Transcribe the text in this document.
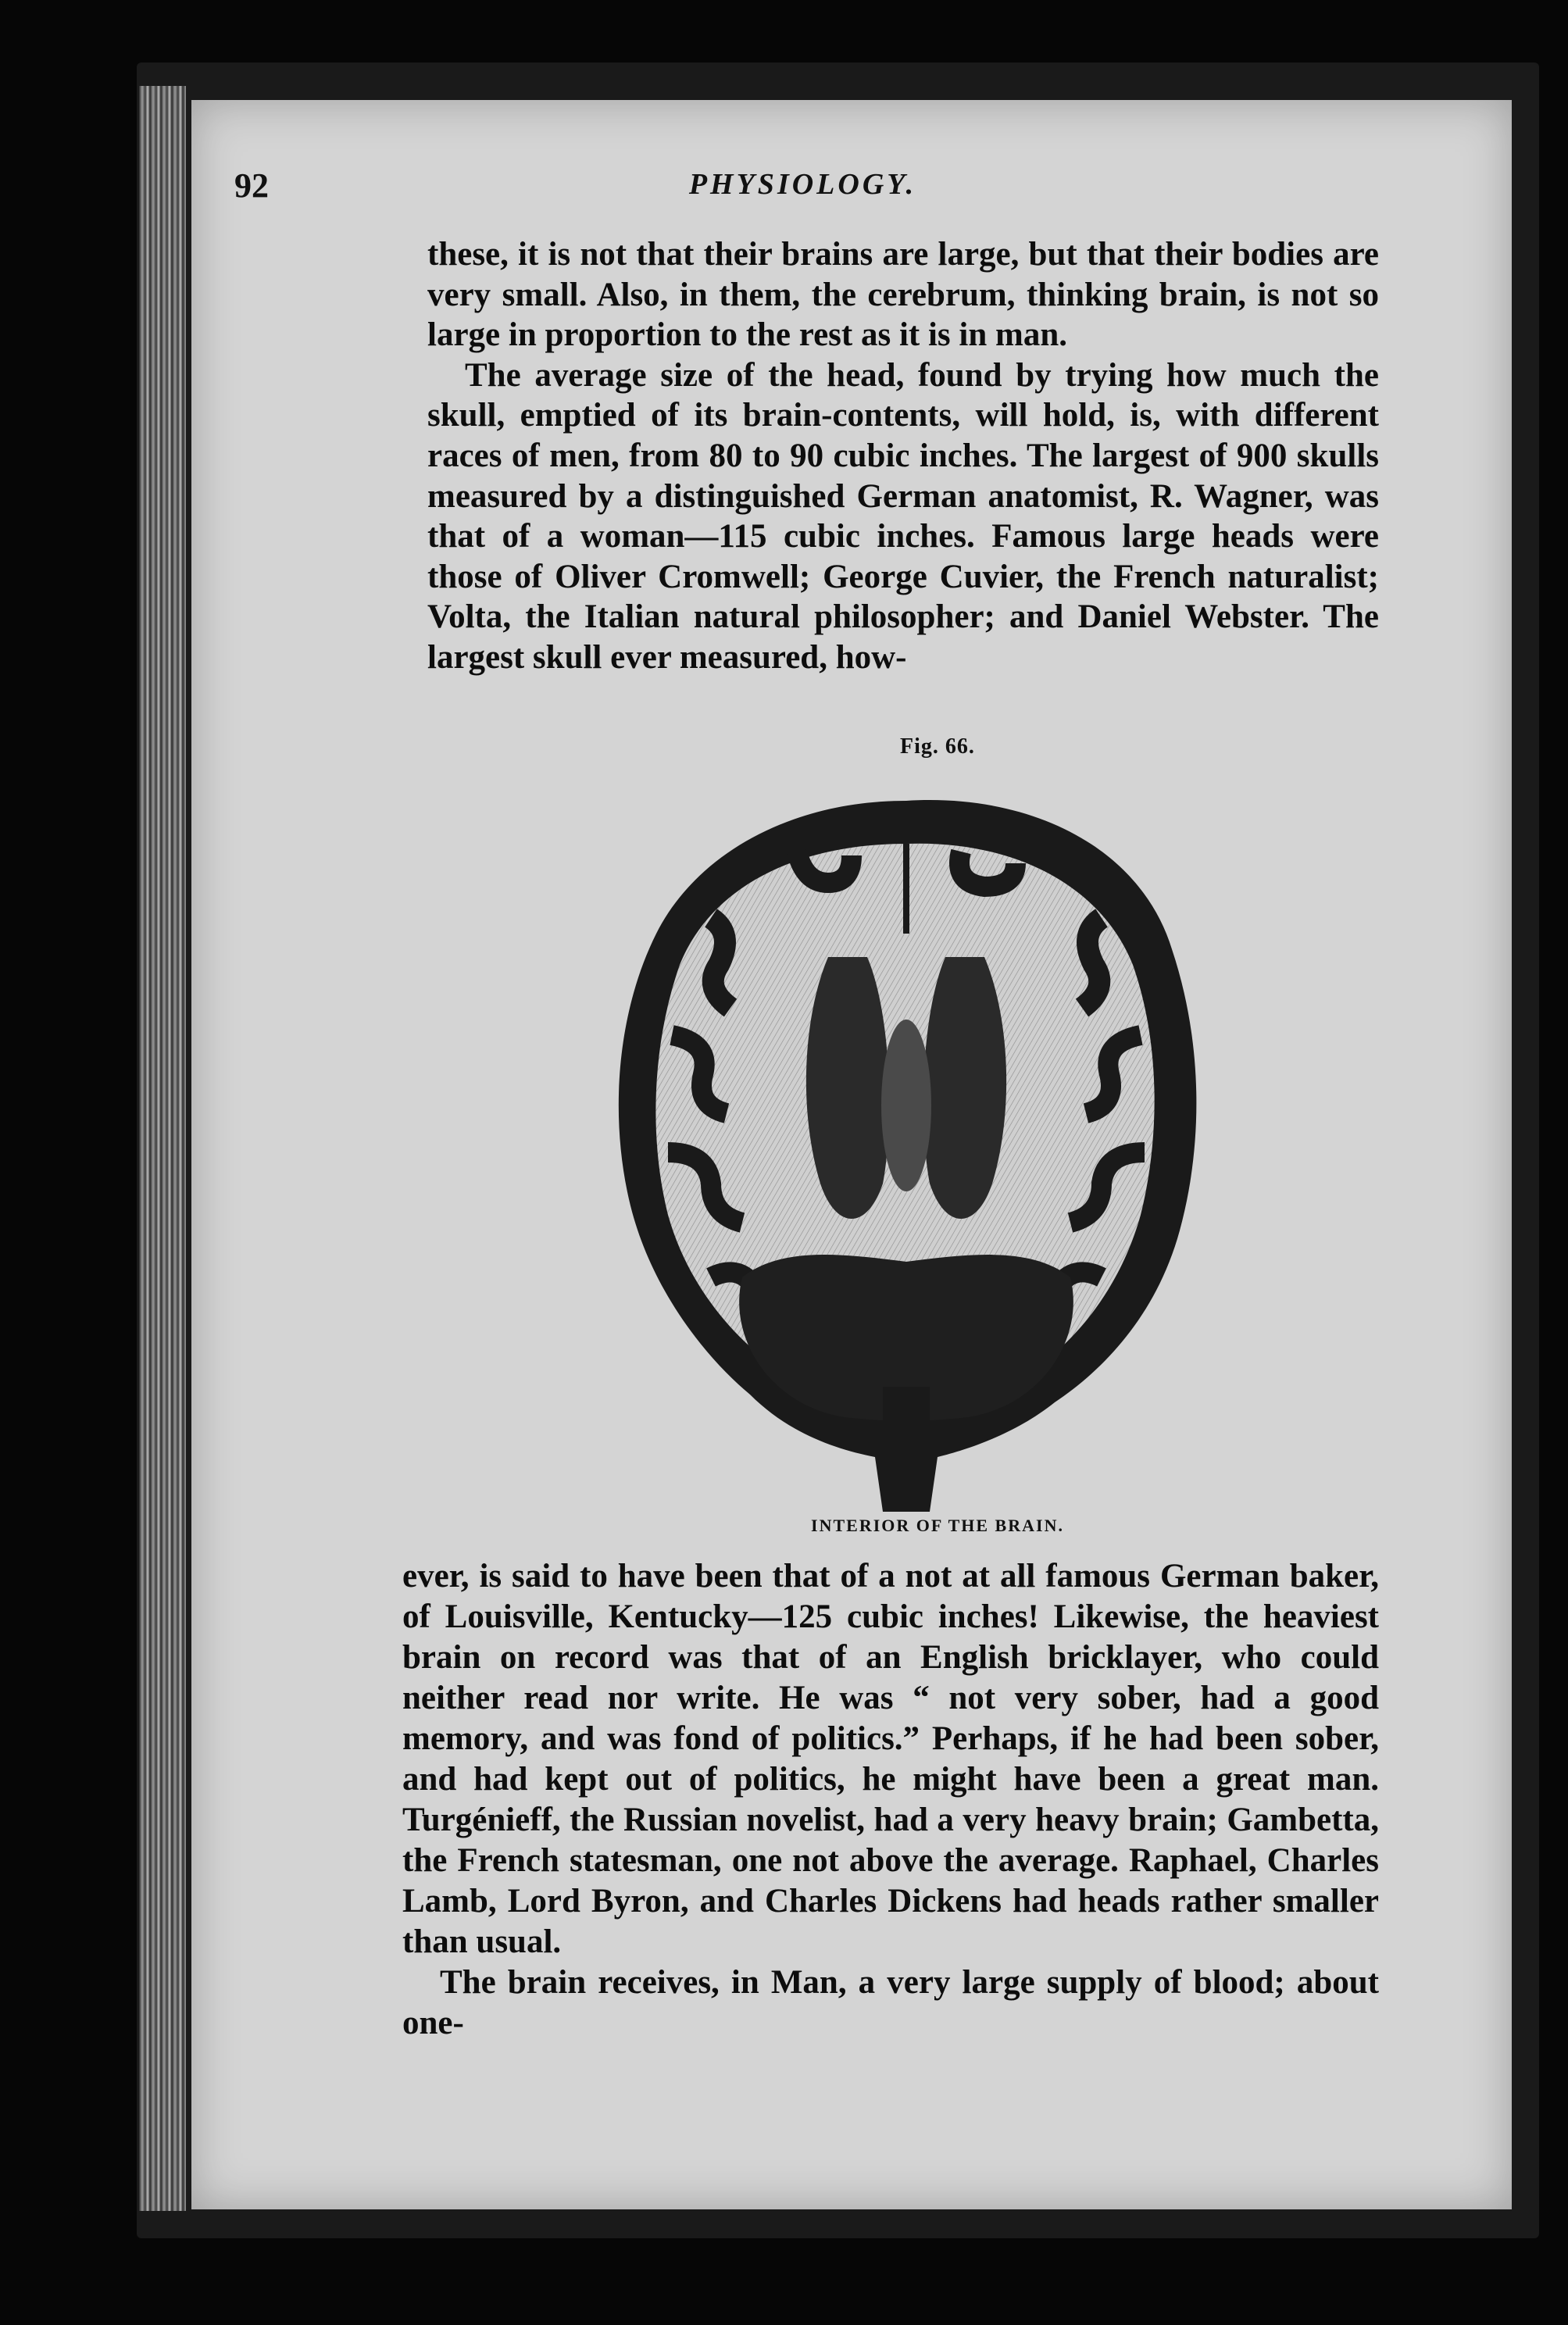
92	PHYSIOLOGY.

these, it is not that their brains are large, but that their bodies are very small. Also, in them, the cerebrum, thinking brain, is not so large in proportion to the rest as it is in man.

The average size of the head, found by trying how much the skull, emptied of its brain-contents, will hold, is, with different races of men, from 80 to 90 cubic inches. The largest of 900 skulls measured by a distinguished German anatomist, R. Wagner, was that of a woman—115 cubic inches. Famous large heads were those of Oliver Cromwell; George Cuvier, the French naturalist; Volta, the Italian natural philosopher; and Daniel Webster. The largest skull ever measured, how-

Fig. 66.
INTERIOR OF THE BRAIN.

ever, is said to have been that of a not at all famous German baker, of Louisville, Kentucky—125 cubic inches! Likewise, the heaviest brain on record was that of an English bricklayer, who could neither read nor write. He was “ not very sober, had a good memory, and was fond of politics.” Perhaps, if he had been sober, and had kept out of politics, he might have been a great man. Turgénieff, the Russian novelist, had a very heavy brain; Gambetta, the French statesman, one not above the average. Raphael, Charles Lamb, Lord Byron, and Charles Dickens had heads rather smaller than usual.

The brain receives, in Man, a very large supply of blood; about one-
